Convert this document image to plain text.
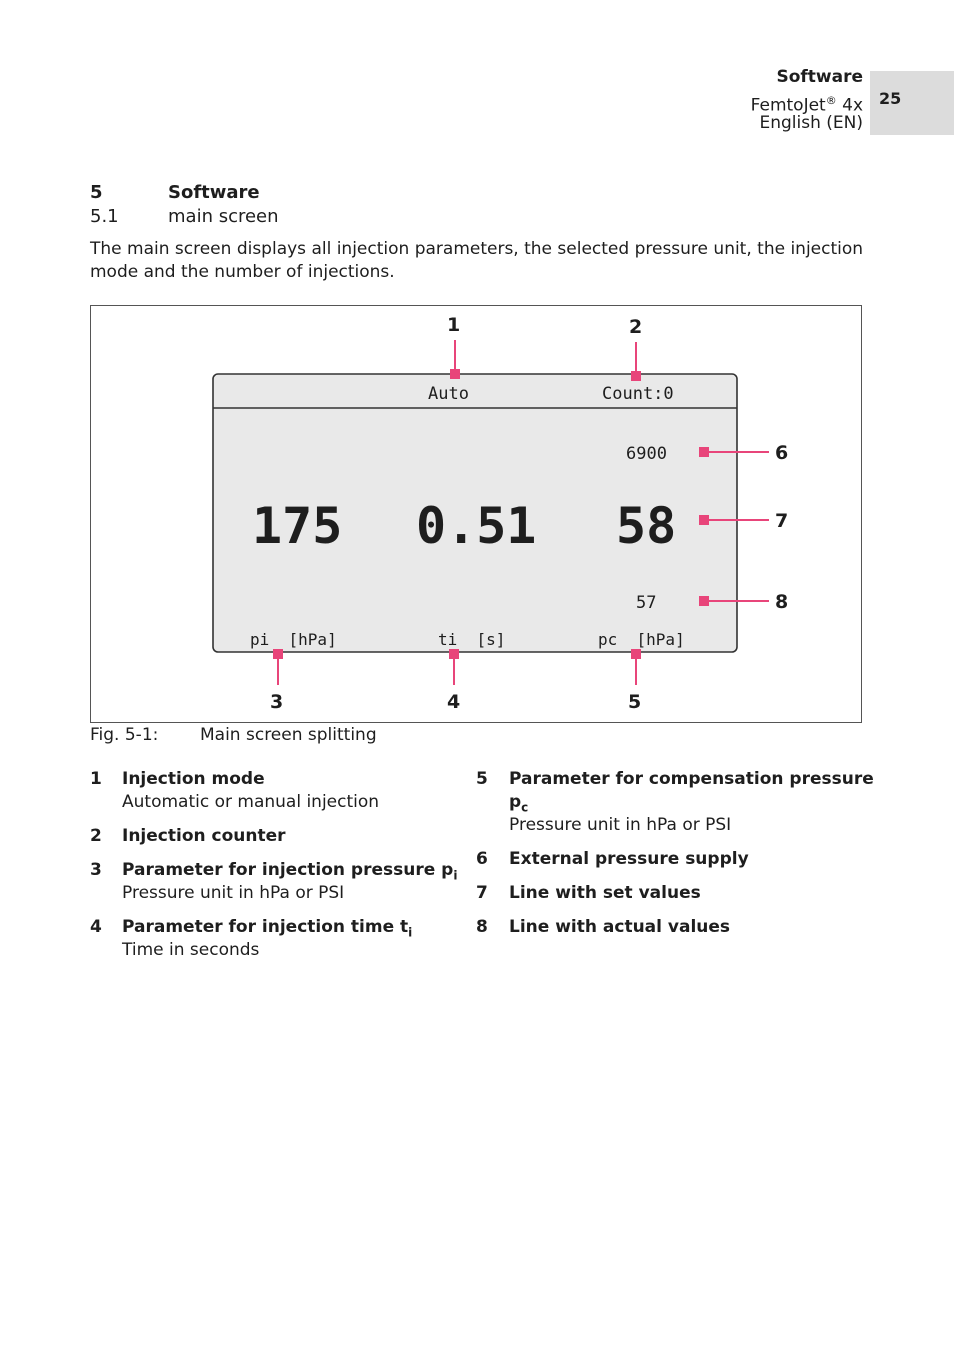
Software
FemtoJet® 4x
English (EN)
25
5	Software
5.1	main screen
The main screen displays all injection parameters, the selected pressure unit, the injection mode and the number of injections.
Auto	Count:0
6900
175 0.51 58
57
pi  [hPa]	ti  [s]	pc  [hPa]
1	2
3	4	5
6
7
8
Fig. 5-1: Main screen splitting
1 Injection mode
Automatic or manual injection
2 Injection counter
3 Parameter for injection pressure $p_i$
Pressure unit in hPa or PSI
4 Parameter for injection time $t_i$
Time in seconds
5 Parameter for compensation pressure
$p_c$
Pressure unit in hPa or PSI
6 External pressure supply
7 Line with set values
8 Line with actual values
